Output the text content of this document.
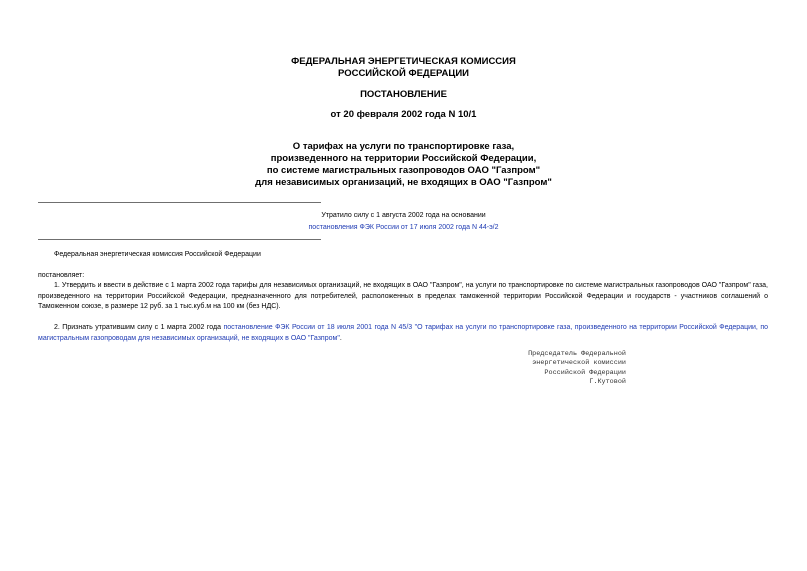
ФЕДЕРАЛЬНАЯ ЭНЕРГЕТИЧЕСКАЯ КОМИССИЯ
РОССИЙСКОЙ ФЕДЕРАЦИИ
ПОСТАНОВЛЕНИЕ
от 20 февраля 2002 года N 10/1
О тарифах на услуги по транспортировке газа,
произведенного на территории Российской Федерации,
по системе магистральных газопроводов ОАО "Газпром"
для независимых организаций, не входящих в ОАО "Газпром"
Утратило силу с 1 августа 2002 года на основании
постановления ФЭК России от 17 июля 2002 года N 44-э/2
Федеральная энергетическая комиссия Российской Федерации
постановляет:
1. Утвердить и ввести в действие с 1 марта 2002 года тарифы для независимых организаций, не входящих в ОАО "Газпром", на услуги по транспортировке по системе магистральных газопроводов ОАО "Газпром" газа, произведенного на территории Российской Федерации, предназначенного для потребителей, расположенных в пределах таможенной территории Российской Федерации и государств - участников соглашений о Таможенном союзе, в размере 12 руб. за 1 тыс.куб.м на 100 км (без НДС).
2. Признать утратившим силу с 1 марта 2002 года постановление ФЭК России от 18 июля 2001 года N 45/3 "О тарифах на услуги по транспортировке газа, произведенного на территории Российской Федерации, по магистральным газопроводам для независимых организаций, не входящих в ОАО "Газпром".
Председатель Федеральной
энергетической комиссии
Российской Федерации
Г.Кутовой
